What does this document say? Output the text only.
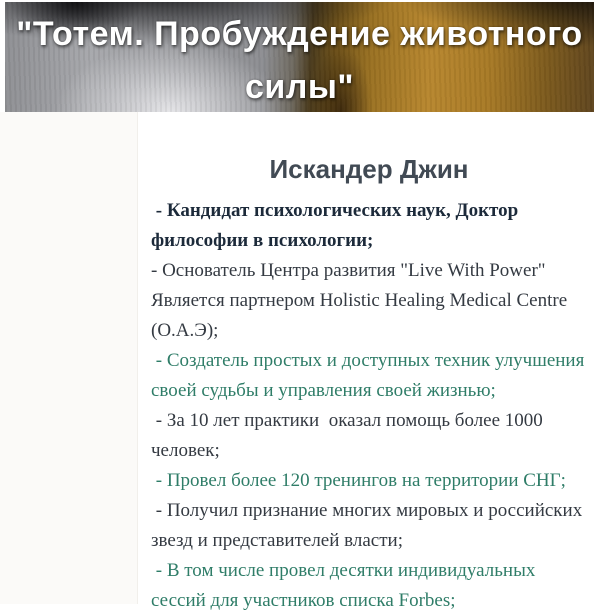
"Тотем. Пробуждение животного
силы"
Искандер Джин

- Кандидат психологических наук, Доктор
философии в психологии;

- Основатель Центра развития "Live With Power"
Является партнером Holistic Healing Medical Centre
(О.А.Э);

- Создатель простых и доступных техник улучшения
своей судьбы и управления своей жизнью;

- За 10 лет практики  оказал помощь более 1000
человек;

- Провел более 120 тренингов на территории СНГ;

- Получил признание многих мировых и российских
звезд и представителей власти;

- В том числе провел десятки индивидуальных
сессий для участников списка Forbes;
